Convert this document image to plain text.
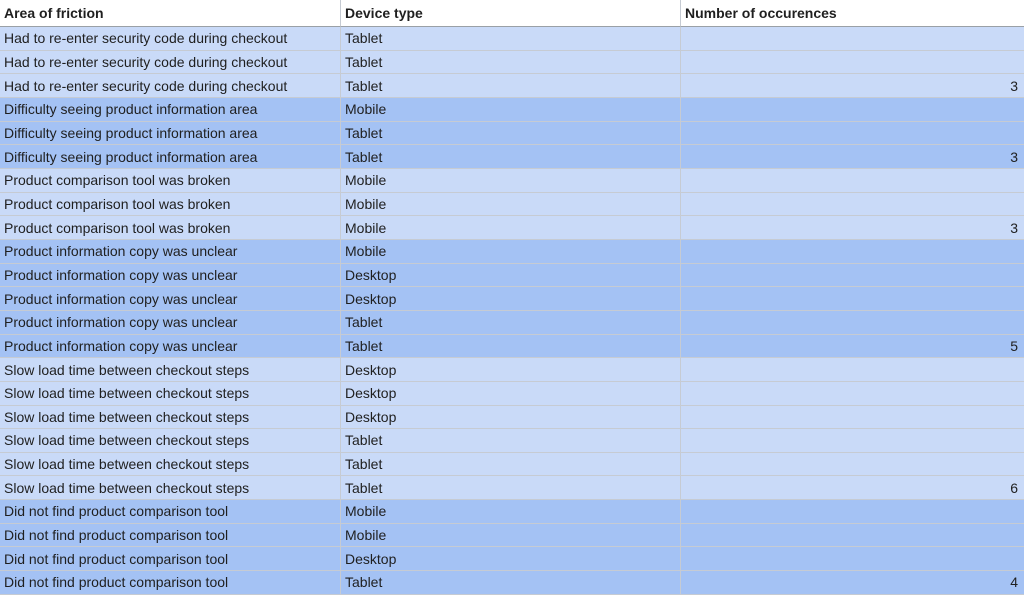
Area of friction	Device type	Number of occurences
Had to re-enter security code during checkout	Tablet
Had to re-enter security code during checkout	Tablet
Had to re-enter security code during checkout	Tablet	3
Difficulty seeing product information area	Mobile
Difficulty seeing product information area	Tablet
Difficulty seeing product information area	Tablet	3
Product comparison tool was broken	Mobile
Product comparison tool was broken	Mobile
Product comparison tool was broken	Mobile	3
Product information copy was unclear	Mobile
Product information copy was unclear	Desktop
Product information copy was unclear	Desktop
Product information copy was unclear	Tablet
Product information copy was unclear	Tablet	5
Slow load time between checkout steps	Desktop
Slow load time between checkout steps	Desktop
Slow load time between checkout steps	Desktop
Slow load time between checkout steps	Tablet
Slow load time between checkout steps	Tablet
Slow load time between checkout steps	Tablet	6
Did not find product comparison tool	Mobile
Did not find product comparison tool	Mobile
Did not find product comparison tool	Desktop
Did not find product comparison tool	Tablet	4
